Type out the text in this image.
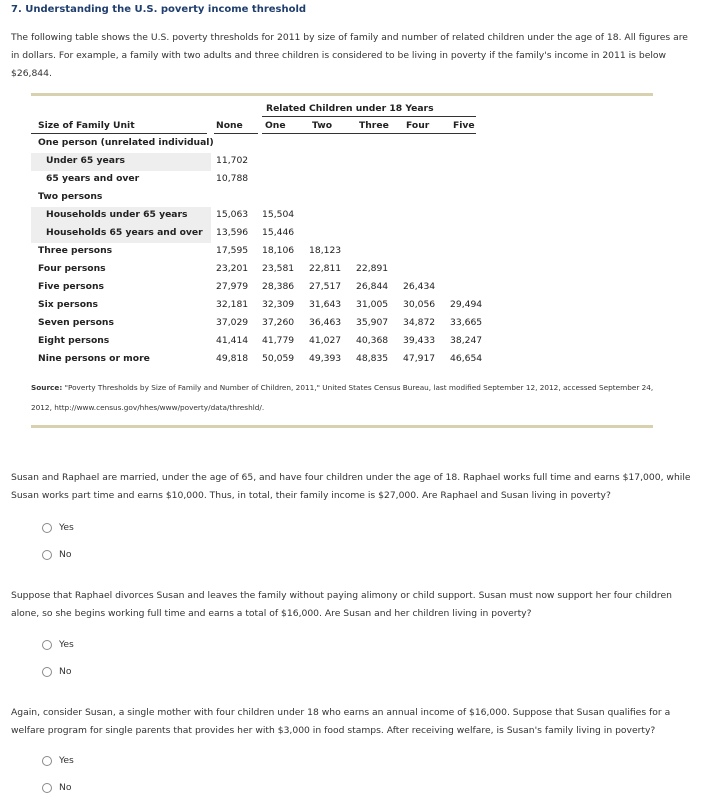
7. Understanding the U.S. poverty income threshold
The following table shows the U.S. poverty thresholds for 2011 by size of family and number of related children under the age of 18. All figures are in dollars. For example, a family with two adults and three children is considered to be living in poverty if the family's income in 2011 is below $26,844.
Related Children under 18 Years
Size of Family Unit	None One	Two	Three Four	Five
One person (unrelated individual)
Under 65 years	11,702
65 years and over	10,788
Two persons
Households under 65 years	15,063 15,504
Households 65 years and over 13,596 15,446
Three persons	17,595 18,106 18,123
Four persons	23,201 23,581 22,811 22,891
Five persons	27,979 28,386 27,517 26,844 26,434
Six persons	32,181 32,309 31,643 31,005 30,056 29,494
Seven persons	37,029 37,260 36,463 35,907 34,872 33,665
Eight persons	41,414 41,779 41,027 40,368 39,433 38,247
Nine persons or more	49,818 50,059 49,393 48,835 47,917 46,654
Source: "Poverty Thresholds by Size of Family and Number of Children, 2011," United States Census Bureau, last modified September 12, 2012, accessed September 24, 2012, http://www.census.gov/hhes/www/poverty/data/threshld/.
Susan and Raphael are married, under the age of 65, and have four children under the age of 18. Raphael works full time and earns $17,000, while Susan works part time and earns $10,000. Thus, in total, their family income is $27,000. Are Raphael and Susan living in poverty?
Yes
No
Suppose that Raphael divorces Susan and leaves the family without paying alimony or child support. Susan must now support her four children alone, so she begins working full time and earns a total of $16,000. Are Susan and her children living in poverty?
Yes
No
Again, consider Susan, a single mother with four children under 18 who earns an annual income of $16,000. Suppose that Susan qualifies for a welfare program for single parents that provides her with $3,000 in food stamps. After receiving welfare, is Susan's family living in poverty?
Yes
No
